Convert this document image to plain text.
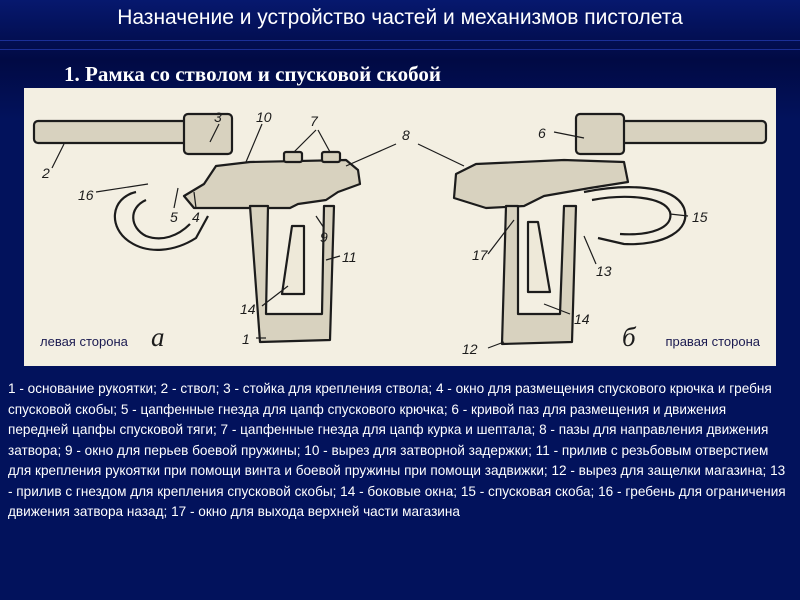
Назначение и устройство частей и механизмов пистолета
1. Рамка со стволом и спусковой скобой
3 10	7
8
2
16
5 4
9
11
14
1
6
15
17
13
14
12
левая сторона а	б правая сторона
1 - основание рукоятки; 2 - ствол; 3 - стойка для крепления ствола; 4 - окно для размещения спускового крючка и гребня спусковой скобы; 5 - цапфенные гнезда для цапф спускового крючка; 6 - кривой паз для размещения и движения передней цапфы спусковой тяги; 7 - цапфенные гнезда для цапф курка и шептала; 8 - пазы для направления движения затвора; 9 - окно для перьев боевой пружины; 10 - вырез для затворной задержки; 11 - прилив с резьбовым отверстием для крепления рукоятки при помощи винта и боевой пружины при помощи задвижки; 12 - вырез для защелки магазина; 13 - прилив с гнездом для крепления спусковой скобы; 14 - боковые окна; 15 - спусковая скоба; 16 - гребень для ограничения движения затвора назад; 17 - окно для выхода верхней части магазина
